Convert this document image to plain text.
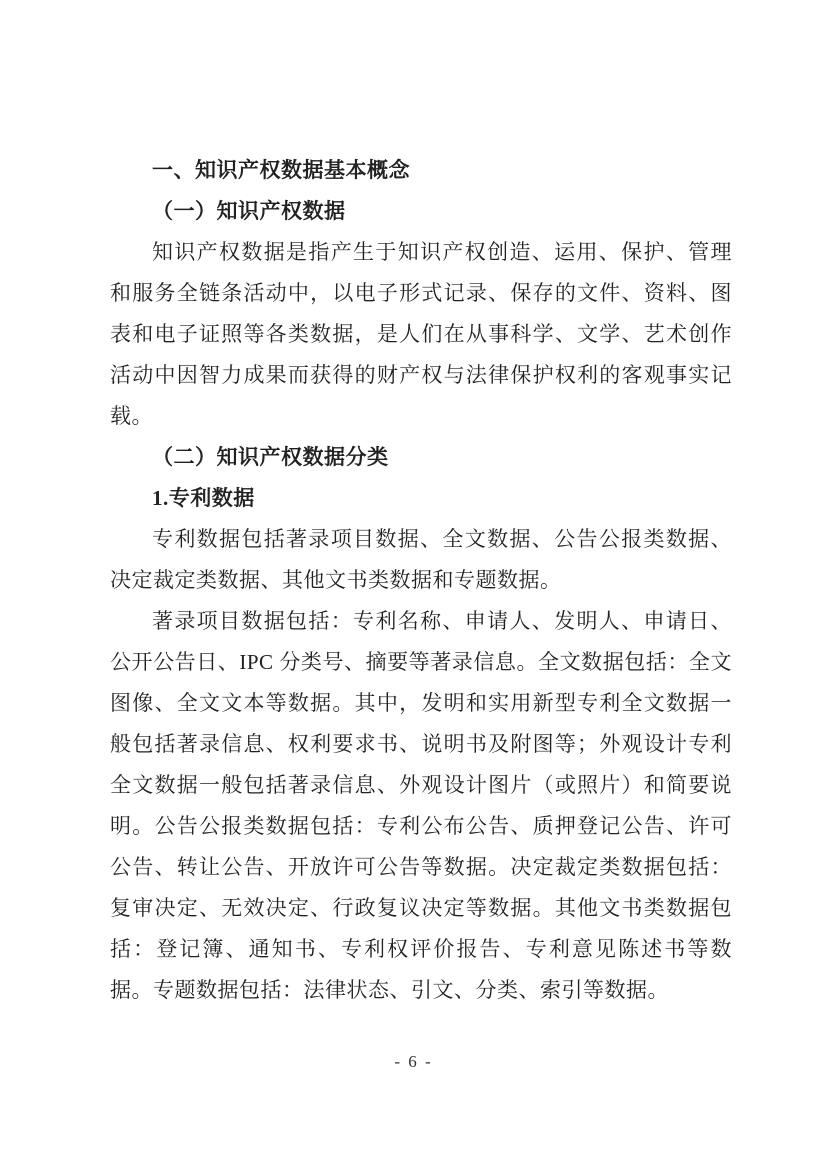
一、知识产权数据基本概念
（一）知识产权数据

知识产权数据是指产生于知识产权创造、运用、保护、管理和服务全链条活动中，以电子形式记录、保存的文件、资料、图表和电子证照等各类数据，是人们在从事科学、文学、艺术创作活动中因智力成果而获得的财产权与法律保护权利的客观事实记载。

（二）知识产权数据分类
1.专利数据

专利数据包括著录项目数据、全文数据、公告公报类数据、决定裁定类数据、其他文书类数据和专题数据。

著录项目数据包括：专利名称、申请人、发明人、申请日、公开公告日、IPC 分类号、摘要等著录信息。全文数据包括：全文图像、全文文本等数据。其中，发明和实用新型专利全文数据一般包括著录信息、权利要求书、说明书及附图等；外观设计专利全文数据一般包括著录信息、外观设计图片（或照片）和简要说明。公告公报类数据包括：专利公布公告、质押登记公告、许可公告、转让公告、开放许可公告等数据。决定裁定类数据包括：复审决定、无效决定、行政复议决定等数据。其他文书类数据包括：登记簿、通知书、专利权评价报告、专利意见陈述书等数据。专题数据包括：法律状态、引文、分类、索引等数据。

- 6 -
